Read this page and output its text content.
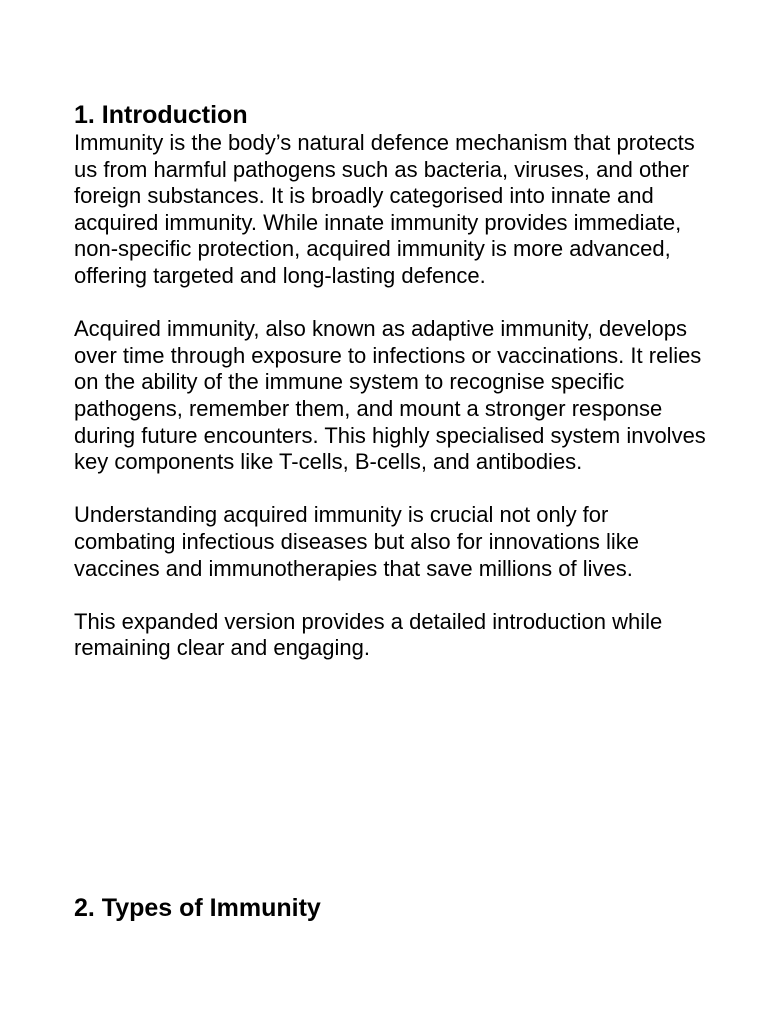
1. Introduction

Immunity is the body’s natural defence mechanism that protects us from harmful pathogens such as bacteria, viruses, and other foreign substances. It is broadly categorised into innate and acquired immunity. While innate immunity provides immediate, non-specific protection, acquired immunity is more advanced, offering targeted and long-lasting defence.

Acquired immunity, also known as adaptive immunity, develops over time through exposure to infections or vaccinations. It relies on the ability of the immune system to recognise specific pathogens, remember them, and mount a stronger response during future encounters. This highly specialised system involves key components like T-cells, B-cells, and antibodies.

Understanding acquired immunity is crucial not only for combating infectious diseases but also for innovations like vaccines and immunotherapies that save millions of lives.

This expanded version provides a detailed introduction while remaining clear and engaging.

2. Types of Immunity
